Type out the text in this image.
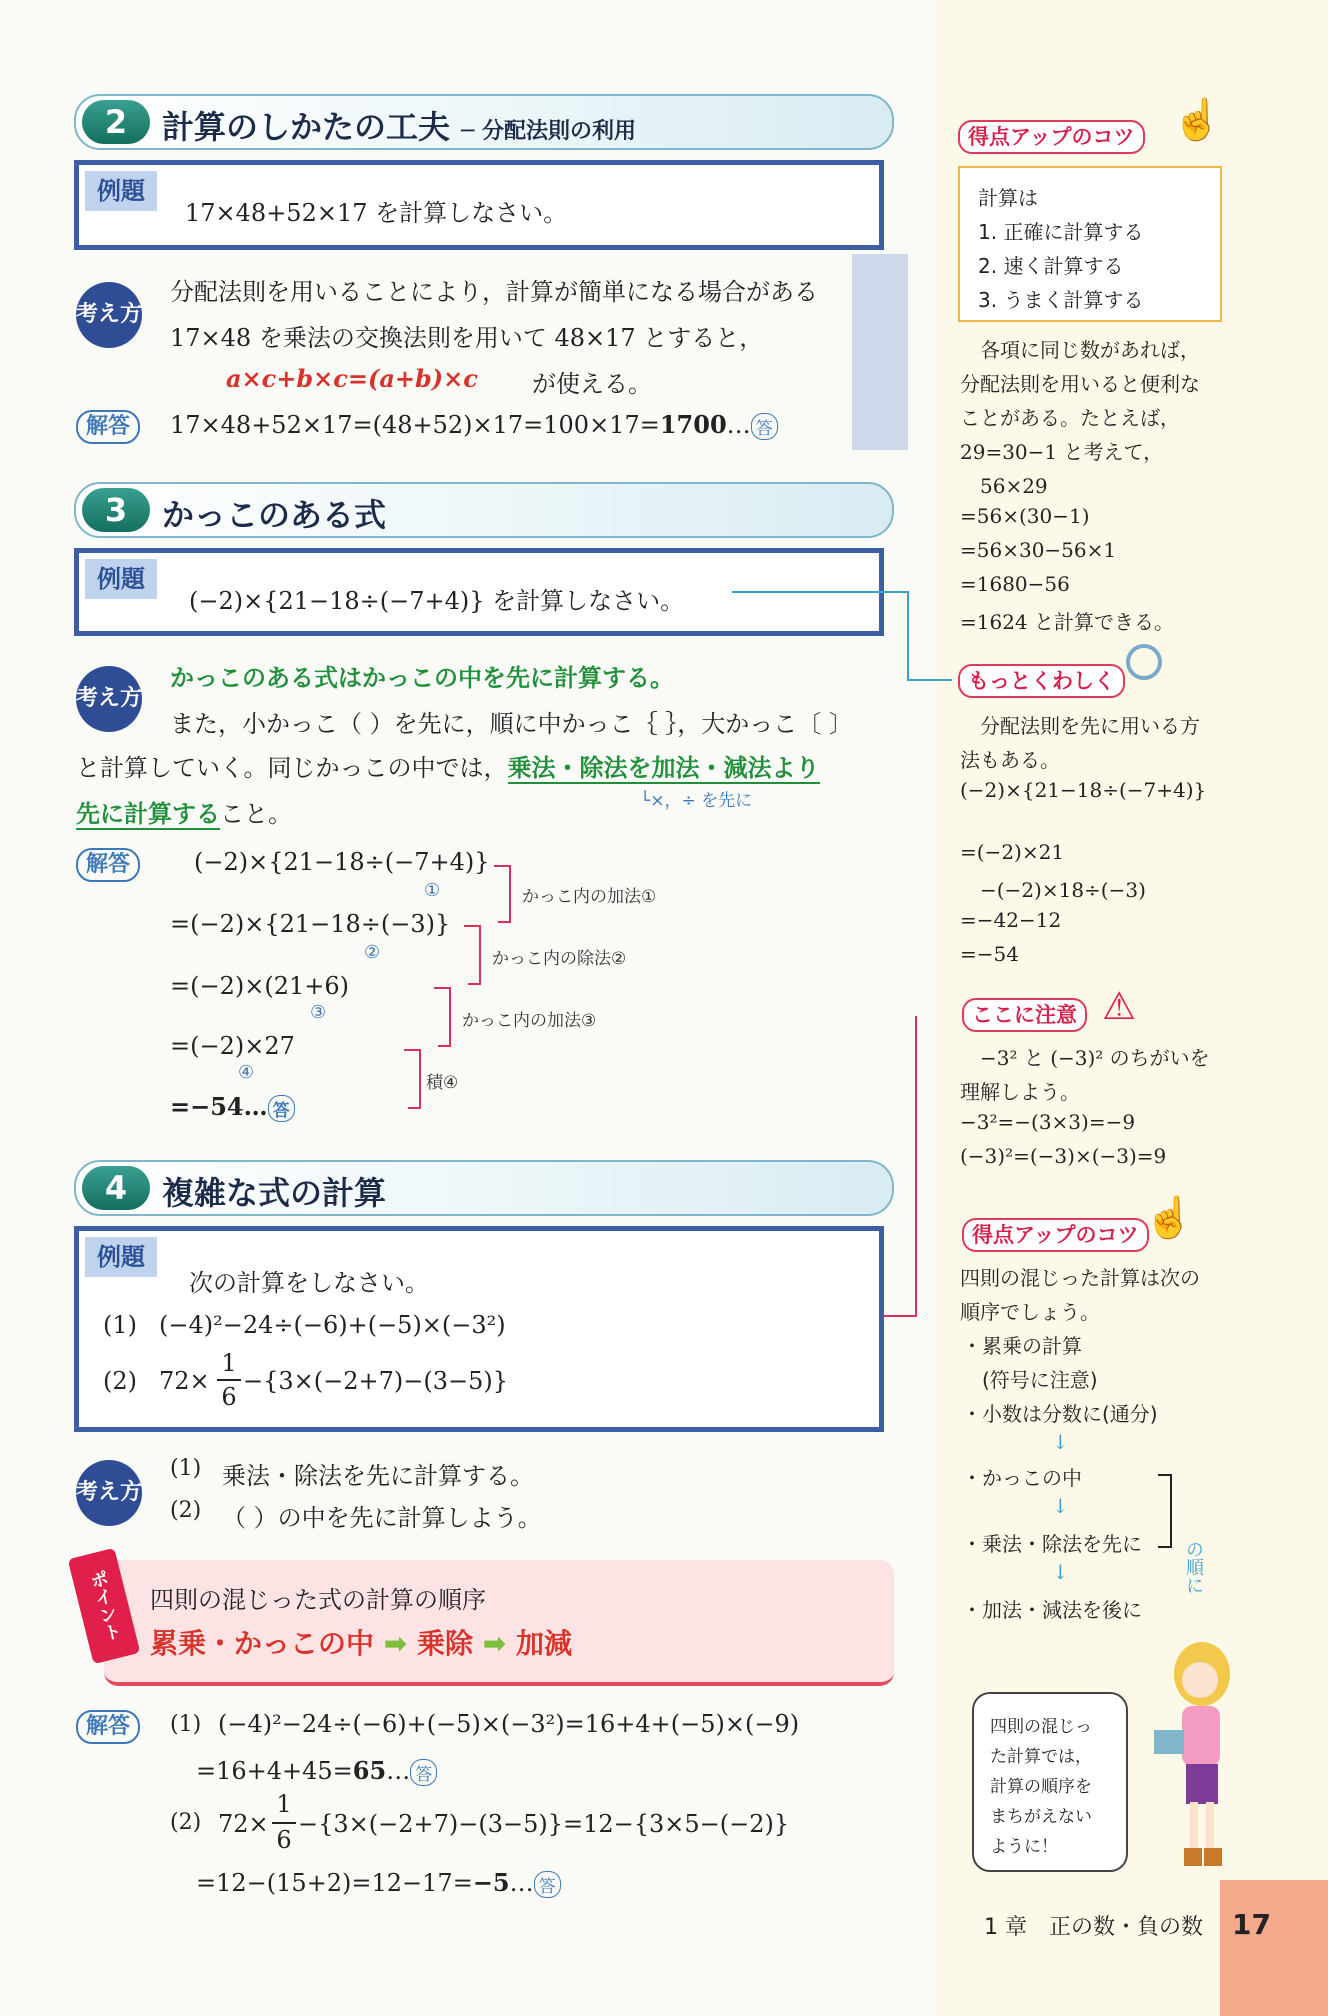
2	計算のしかたの工夫 ─ 分配法則の利用
例題
17×48+52×17 を計算しなさい。
考え方
分配法則を用いることにより，計算が簡単になる場合がある
17×48 を乗法の交換法則を用いて 48×17 とすると，
a×c+b×c=(a+b)×c が使える。
解答	17×48+52×17=(48+52)×17=100×17=1700… 答
3	かっこのある式
例題
(−2)×{21−18÷(−7+4)} を計算しなさい。
考え方
かっこのある式はかっこの中を先に計算する。
また，小かっこ（ ）を先に，順に中かっこ｛ ｝，大かっこ〔 〕
と計算していく。同じかっこの中では，乗法・除法を加法・減法より
先に計算すること。	└×，÷ を先に
解答	(−2)×{21−18÷(−7+4)}
①
=(−2)×{21−18÷(−3)}
②
=(−2)×(21+6)
③
=(−2)×27
④
=−54… 答
かっこ内の加法①
かっこ内の除法②
かっこ内の加法③
積④
4	複雑な式の計算
例題
次の計算をしなさい。
(1) (−4)²−24÷(−6)+(−5)×(−3²)
(2) 72×
1
6
−{3×(−2+7)−(3−5)}
考え方
(1) 乗法・除法を先に計算する。
(2) （ ）の中を先に計算しよう。
四則の混じった式の計算の順序
累乗・かっこの中 ➡ 乗除 ➡ 加減
ポイント
解答	(1) (−4)²−24÷(−6)+(−5)×(−3²)=16+4+(−5)×(−9)
=16+4+45=65… 答
(2) 72×
1
6
−{3×(−2+7)−(3−5)}=12−{3×5−(−2)}
=12−(15+2)=12−17=−5… 答
得点アップのコツ ☝
計算は
1. 正確に計算する
2. 速く計算する
3. うまく計算する
　各項に同じ数があれば，
分配法則を用いると便利な
ことがある。たとえば，
29=30−1 と考えて，
　56×29
=56×(30−1)
=56×30−56×1
=1680−56
=1624 と計算できる。
もっとくわしく
　分配法則を先に用いる方
法もある。
(−2)×{21−18÷(−7+4)}
=(−2)×21
　−(−2)×18÷(−3)
=−42−12
=−54
ここに注意 ⚠
　−3² と (−3)² のちがいを
理解しよう。
−3²=−(3×3)=−9
(−3)²=(−3)×(−3)=9
得点アップのコツ ☝
四則の混じった計算は次の
順序でしょう。
・累乗の計算
　(符号に注意)
・小数は分数に(通分)
↓
・かっこの中
↓
・乗法・除法を先に
↓
・加法・減法を後に
の順に
四則の混じっ
た計算では，
計算の順序を
まちがえない
ように！
1 章　正の数・負の数 17
